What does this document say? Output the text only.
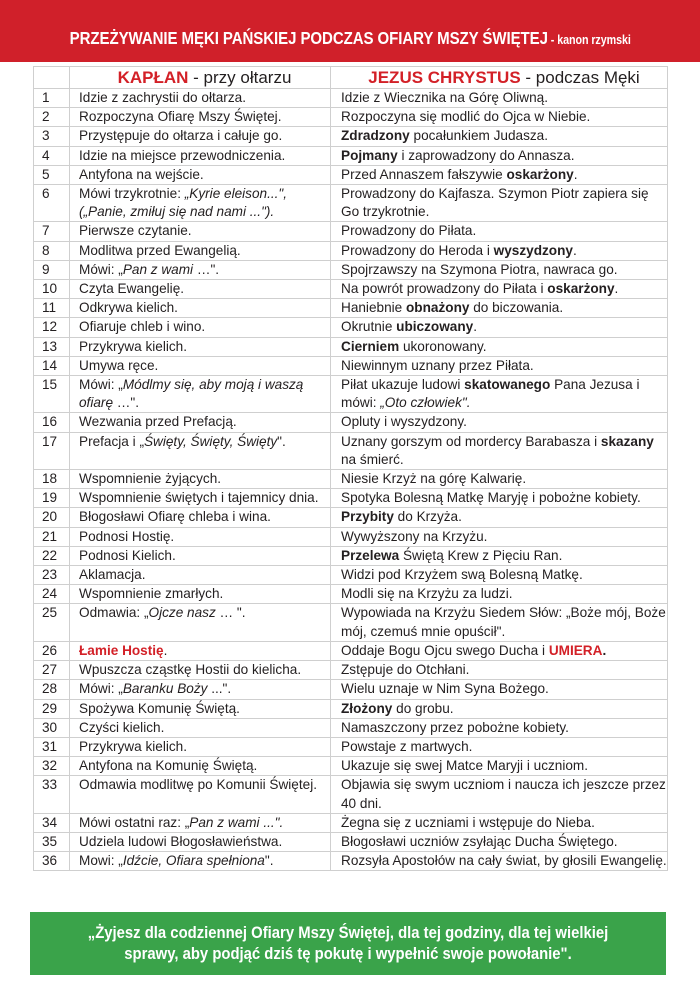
PRZEŻYWANIE MĘKI PAŃSKIEJ PODCZAS OFIARY MSZY ŚWIĘTEJ - kanon rzymski
	KAPŁAN - przy ołtarzu	JEZUS CHRYSTUS - podczas Męki
1	Idzie z zachrystii do ołtarza.	Idzie z Wiecznika na Górę Oliwną.
2	Rozpoczyna Ofiarę Mszy Świętej.	Rozpoczyna się modlić do Ojca w Niebie.
3	Przystępuje do ołtarza i całuje go.	Zdradzony pocałunkiem Judasza.
4	Idzie na miejsce przewodniczenia.	Pojmany i zaprowadzony do Annasza.
5	Antyfona na wejście.	Przed Annaszem fałszywie oskarżony.
6	Mówi trzykrotnie: „Kyrie eleison...", („Panie, zmiłuj się nad nami ...").	Prowadzony do Kajfasza. Szymon Piotr zapiera się Go trzykrotnie.
7	Pierwsze czytanie.	Prowadzony do Piłata.
8	Modlitwa przed Ewangelią.	Prowadzony do Heroda i wyszydzony.
9	Mówi: „Pan z wami …".	Spojrzawszy na Szymona Piotra, nawraca go.
10	Czyta Ewangelię.	Na powrót prowadzony do Piłata i oskarżony.
11	Odkrywa kielich.	Haniebnie obnażony do biczowania.
12	Ofiaruje chleb i wino.	Okrutnie ubiczowany.
13	Przykrywa kielich.	Cierniem ukoronowany.
14	Umywa ręce.	Niewinnym uznany przez Piłata.
15	Mówi: „Módlmy się, aby moją i waszą ofiarę …".	Piłat ukazuje ludowi skatowanego Pana Jezusa i mówi: „Oto człowiek".
16	Wezwania przed Prefacją.	Opluty i wyszydzony.
17	Prefacja i „Święty, Święty, Święty".	Uznany gorszym od mordercy Barabasza i skazany na śmierć.
18	Wspomnienie żyjących.	Niesie Krzyż na górę Kalwarię.
19	Wspomnienie świętych i tajemnicy dnia.	Spotyka Bolesną Matkę Maryję i pobożne kobiety.
20	Błogosławi Ofiarę chleba i wina.	Przybity do Krzyża.
21	Podnosi Hostię.	Wywyższony na Krzyżu.
22	Podnosi Kielich.	Przelewa Świętą Krew z Pięciu Ran.
23	Aklamacja.	Widzi pod Krzyżem swą Bolesną Matkę.
24	Wspomnienie zmarłych.	Modli się na Krzyżu za ludzi.
25	Odmawia: „Ojcze nasz … ".	Wypowiada na Krzyżu Siedem Słów: „Boże mój, Boże mój, czemuś mnie opuścił".
26	Łamie Hostię.	Oddaje Bogu Ojcu swego Ducha i UMIERA.
27	Wpuszcza cząstkę Hostii do kielicha.	Zstępuje do Otchłani.
28	Mówi: „Baranku Boży ...".	Wielu uznaje w Nim Syna Bożego.
29	Spożywa Komunię Świętą.	Złożony do grobu.
30	Czyści kielich.	Namaszczony przez pobożne kobiety.
31	Przykrywa kielich.	Powstaje z martwych.
32	Antyfona na Komunię Świętą.	Ukazuje się swej Matce Maryji i uczniom.
33	Odmawia modlitwę po Komunii Świętej.	Objawia się swym uczniom i naucza ich jeszcze przez 40 dni.
34	Mówi ostatni raz: „Pan z wami ...".	Żegna się z uczniami i wstępuje do Nieba.
35	Udziela ludowi Błogosławieństwa.	Błogosławi uczniów zsyłając Ducha Świętego.
36	Mowi: „Idźcie, Ofiara spełniona".	Rozsyła Apostołów na cały świat, by głosili Ewangelię.
„Żyjesz dla codziennej Ofiary Mszy Świętej, dla tej godziny, dla tej wielkiej sprawy, aby podjąć dziś tę pokutę i wypełnić swoje powołanie".
